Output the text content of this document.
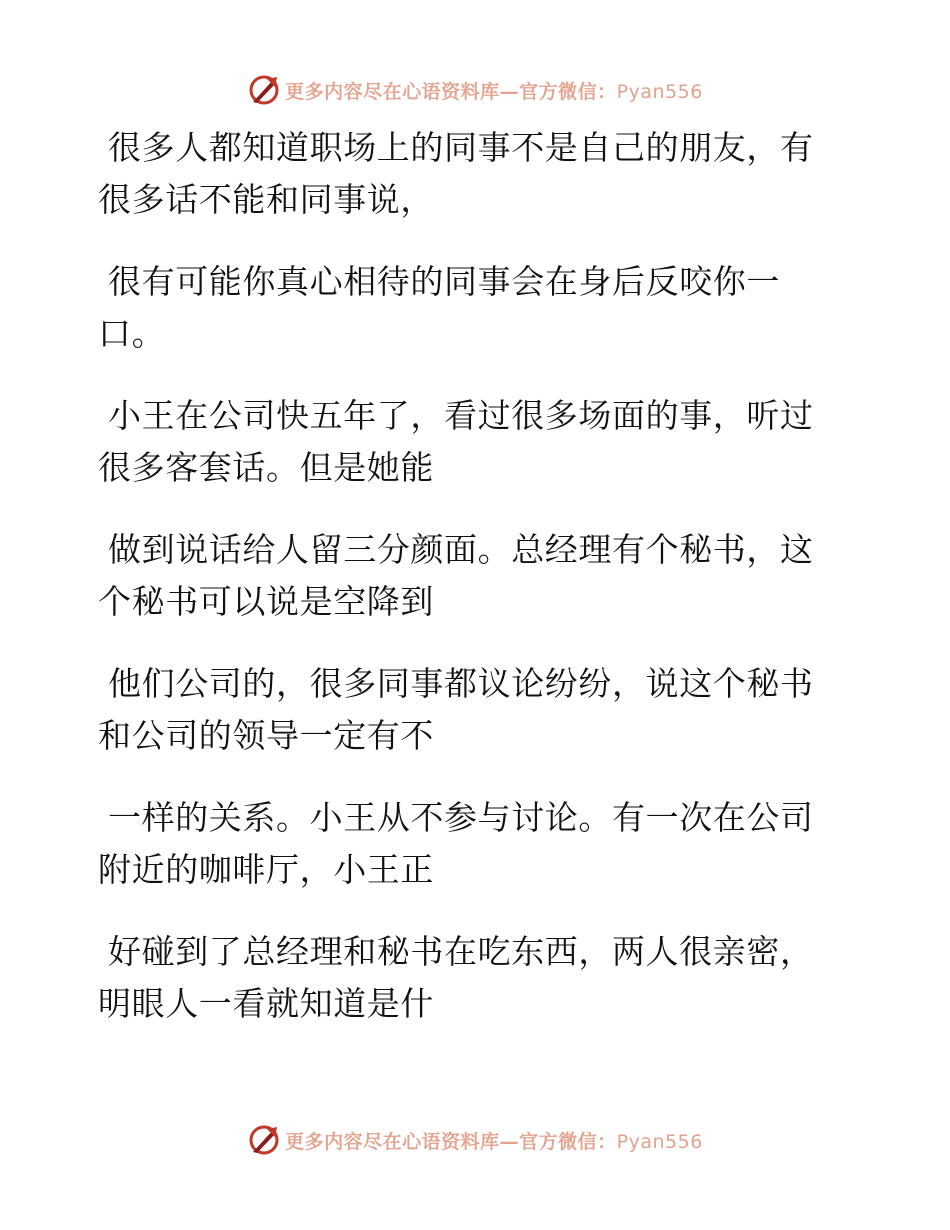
更多内容尽在心语资料库—官方微信：Pyan556

很多人都知道职场上的同事不是自己的朋友，有
很多话不能和同事说，

很有可能你真心相待的同事会在身后反咬你一
口。

小王在公司快五年了，看过很多场面的事，听过
很多客套话。但是她能

做到说话给人留三分颜面。总经理有个秘书，这
个秘书可以说是空降到

他们公司的，很多同事都议论纷纷，说这个秘书
和公司的领导一定有不

一样的关系。小王从不参与讨论。有一次在公司
附近的咖啡厅，小王正

好碰到了总经理和秘书在吃东西，两人很亲密，
明眼人一看就知道是什

更多内容尽在心语资料库—官方微信：Pyan556
